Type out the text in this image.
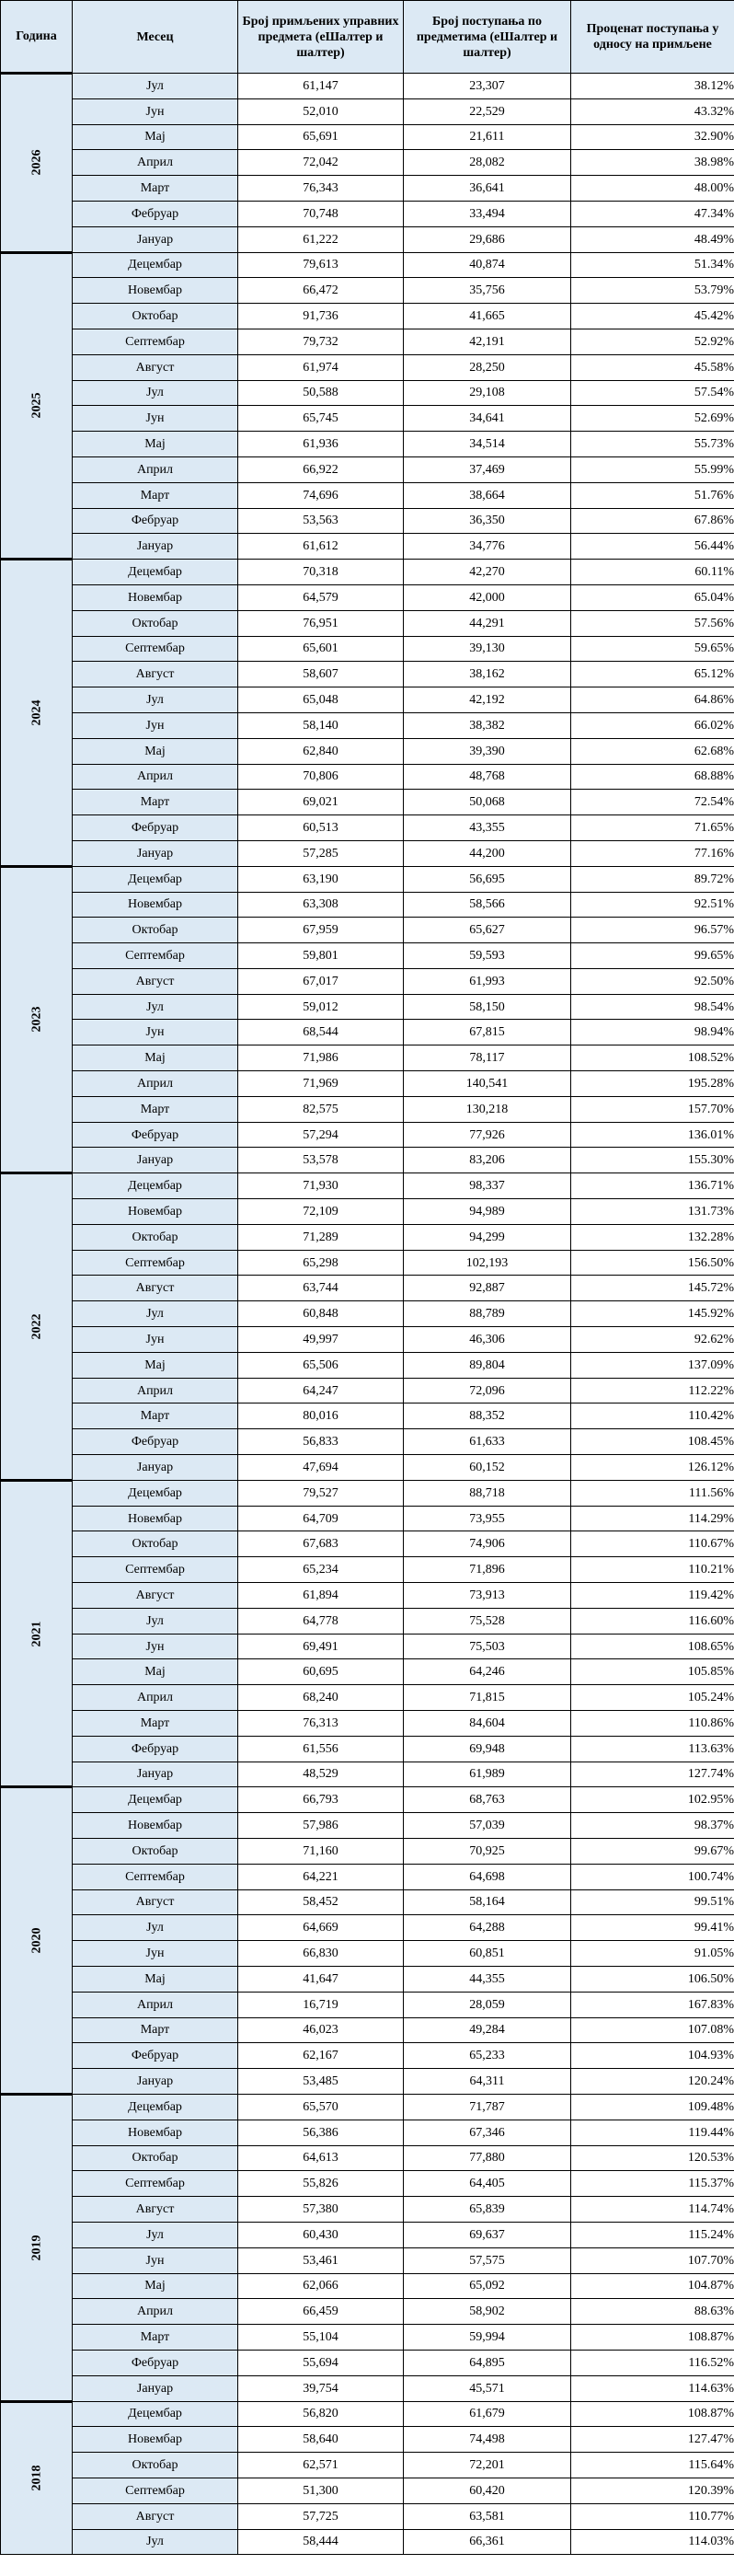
Година	Месец	Број примљених управних предмета (еШалтер и шалтер)	Број поступања по предметима (еШалтер и шалтер)	Проценат поступања у односу на примљене
2026	Јул	61,147	23,307	38.12%
	Јун	52,010	22,529	43.32%
	Мај	65,691	21,611	32.90%
	Април	72,042	28,082	38.98%
	Март	76,343	36,641	48.00%
	Фебруар	70,748	33,494	47.34%
	Јануар	61,222	29,686	48.49%
2025	Децембар	79,613	40,874	51.34%
	Новембар	66,472	35,756	53.79%
	Октобар	91,736	41,665	45.42%
	Септембар	79,732	42,191	52.92%
	Август	61,974	28,250	45.58%
	Јул	50,588	29,108	57.54%
	Јун	65,745	34,641	52.69%
	Мај	61,936	34,514	55.73%
	Април	66,922	37,469	55.99%
	Март	74,696	38,664	51.76%
	Фебруар	53,563	36,350	67.86%
	Јануар	61,612	34,776	56.44%
2024	Децембар	70,318	42,270	60.11%
	Новембар	64,579	42,000	65.04%
	Октобар	76,951	44,291	57.56%
	Септембар	65,601	39,130	59.65%
	Август	58,607	38,162	65.12%
	Јул	65,048	42,192	64.86%
	Јун	58,140	38,382	66.02%
	Мај	62,840	39,390	62.68%
	Април	70,806	48,768	68.88%
	Март	69,021	50,068	72.54%
	Фебруар	60,513	43,355	71.65%
	Јануар	57,285	44,200	77.16%
2023	Децембар	63,190	56,695	89.72%
	Новембар	63,308	58,566	92.51%
	Октобар	67,959	65,627	96.57%
	Септембар	59,801	59,593	99.65%
	Август	67,017	61,993	92.50%
	Јул	59,012	58,150	98.54%
	Јун	68,544	67,815	98.94%
	Мај	71,986	78,117	108.52%
	Април	71,969	140,541	195.28%
	Март	82,575	130,218	157.70%
	Фебруар	57,294	77,926	136.01%
	Јануар	53,578	83,206	155.30%
2022	Децембар	71,930	98,337	136.71%
	Новембар	72,109	94,989	131.73%
	Октобар	71,289	94,299	132.28%
	Септембар	65,298	102,193	156.50%
	Август	63,744	92,887	145.72%
	Јул	60,848	88,789	145.92%
	Јун	49,997	46,306	92.62%
	Мај	65,506	89,804	137.09%
	Април	64,247	72,096	112.22%
	Март	80,016	88,352	110.42%
	Фебруар	56,833	61,633	108.45%
	Јануар	47,694	60,152	126.12%
2021	Децембар	79,527	88,718	111.56%
	Новембар	64,709	73,955	114.29%
	Октобар	67,683	74,906	110.67%
	Септембар	65,234	71,896	110.21%
	Август	61,894	73,913	119.42%
	Јул	64,778	75,528	116.60%
	Јун	69,491	75,503	108.65%
	Мај	60,695	64,246	105.85%
	Април	68,240	71,815	105.24%
	Март	76,313	84,604	110.86%
	Фебруар	61,556	69,948	113.63%
	Јануар	48,529	61,989	127.74%
2020	Децембар	66,793	68,763	102.95%
	Новембар	57,986	57,039	98.37%
	Октобар	71,160	70,925	99.67%
	Септембар	64,221	64,698	100.74%
	Август	58,452	58,164	99.51%
	Јул	64,669	64,288	99.41%
	Јун	66,830	60,851	91.05%
	Мај	41,647	44,355	106.50%
	Април	16,719	28,059	167.83%
	Март	46,023	49,284	107.08%
	Фебруар	62,167	65,233	104.93%
	Јануар	53,485	64,311	120.24%
2019	Децембар	65,570	71,787	109.48%
	Новембар	56,386	67,346	119.44%
	Октобар	64,613	77,880	120.53%
	Септембар	55,826	64,405	115.37%
	Август	57,380	65,839	114.74%
	Јул	60,430	69,637	115.24%
	Јун	53,461	57,575	107.70%
	Мај	62,066	65,092	104.87%
	Април	66,459	58,902	88.63%
	Март	55,104	59,994	108.87%
	Фебруар	55,694	64,895	116.52%
	Јануар	39,754	45,571	114.63%
2018	Децембар	56,820	61,679	108.87%
	Новембар	58,640	74,498	127.47%
	Октобар	62,571	72,201	115.64%
	Септембар	51,300	60,420	120.39%
	Август	57,725	63,581	110.77%
	Јул	58,444	66,361	114.03%
